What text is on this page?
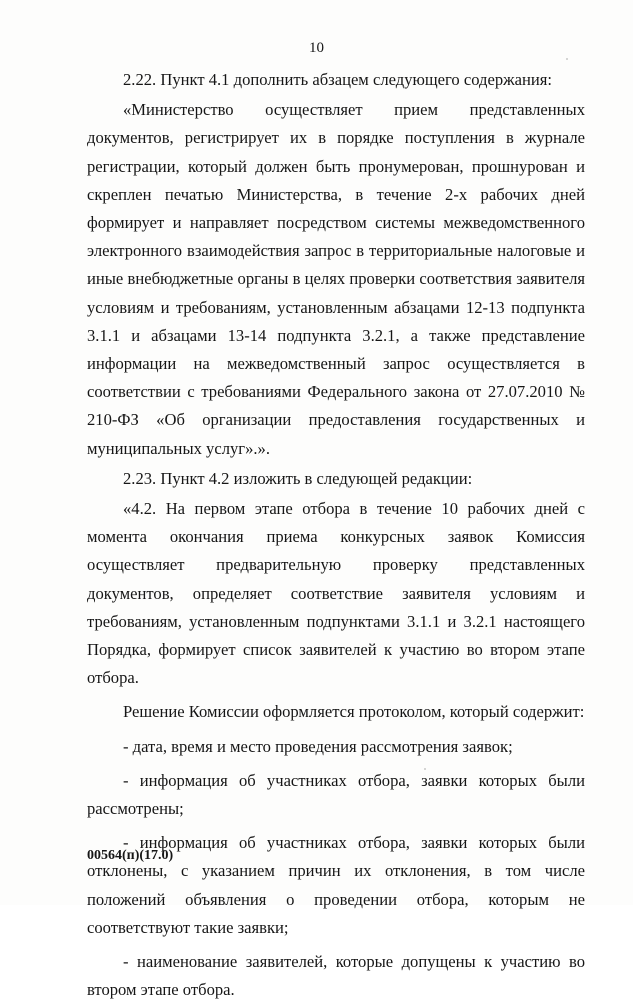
10

2.22. Пункт 4.1 дополнить абзацем следующего содержания:

«Министерство осуществляет прием представленных документов, регистрирует их в порядке поступления в журнале регистрации, который должен быть пронумерован, прошнурован и скреплен печатью Министерства, в течение 2-х рабочих дней формирует и направляет посредством системы межведомственного электронного взаимодействия запрос в территориальные налоговые и иные внебюджетные органы в целях проверки соответствия заявителя условиям и требованиям, установленным абзацами 12-13 подпункта 3.1.1 и абзацами 13-14 подпункта 3.2.1, а также представление информации на межведомственный запрос осуществляется в соответствии с требованиями Федерального закона от 27.07.2010 № 210-ФЗ «Об организации предоставления государственных и муниципальных услуг».».

2.23. Пункт 4.2 изложить в следующей редакции:

«4.2. На первом этапе отбора в течение 10 рабочих дней с момента окончания приема конкурсных заявок Комиссия осуществляет предварительную проверку представленных документов, определяет соответствие заявителя условиям и требованиям, установленным подпунктами 3.1.1 и 3.2.1 настоящего Порядка, формирует список заявителей к участию во втором этапе отбора.

Решение Комиссии оформляется протоколом, который содержит:

- дата, время и место проведения рассмотрения заявок;

- информация об участниках отбора, заявки которых были рассмотрены;

- информация об участниках отбора, заявки которых были отклонены, с указанием причин их отклонения, в том числе положений объявления о проведении отбора, которым не соответствуют такие заявки;

- наименование заявителей, которые допущены к участию во втором этапе отбора.

00564(п)(17.0)
